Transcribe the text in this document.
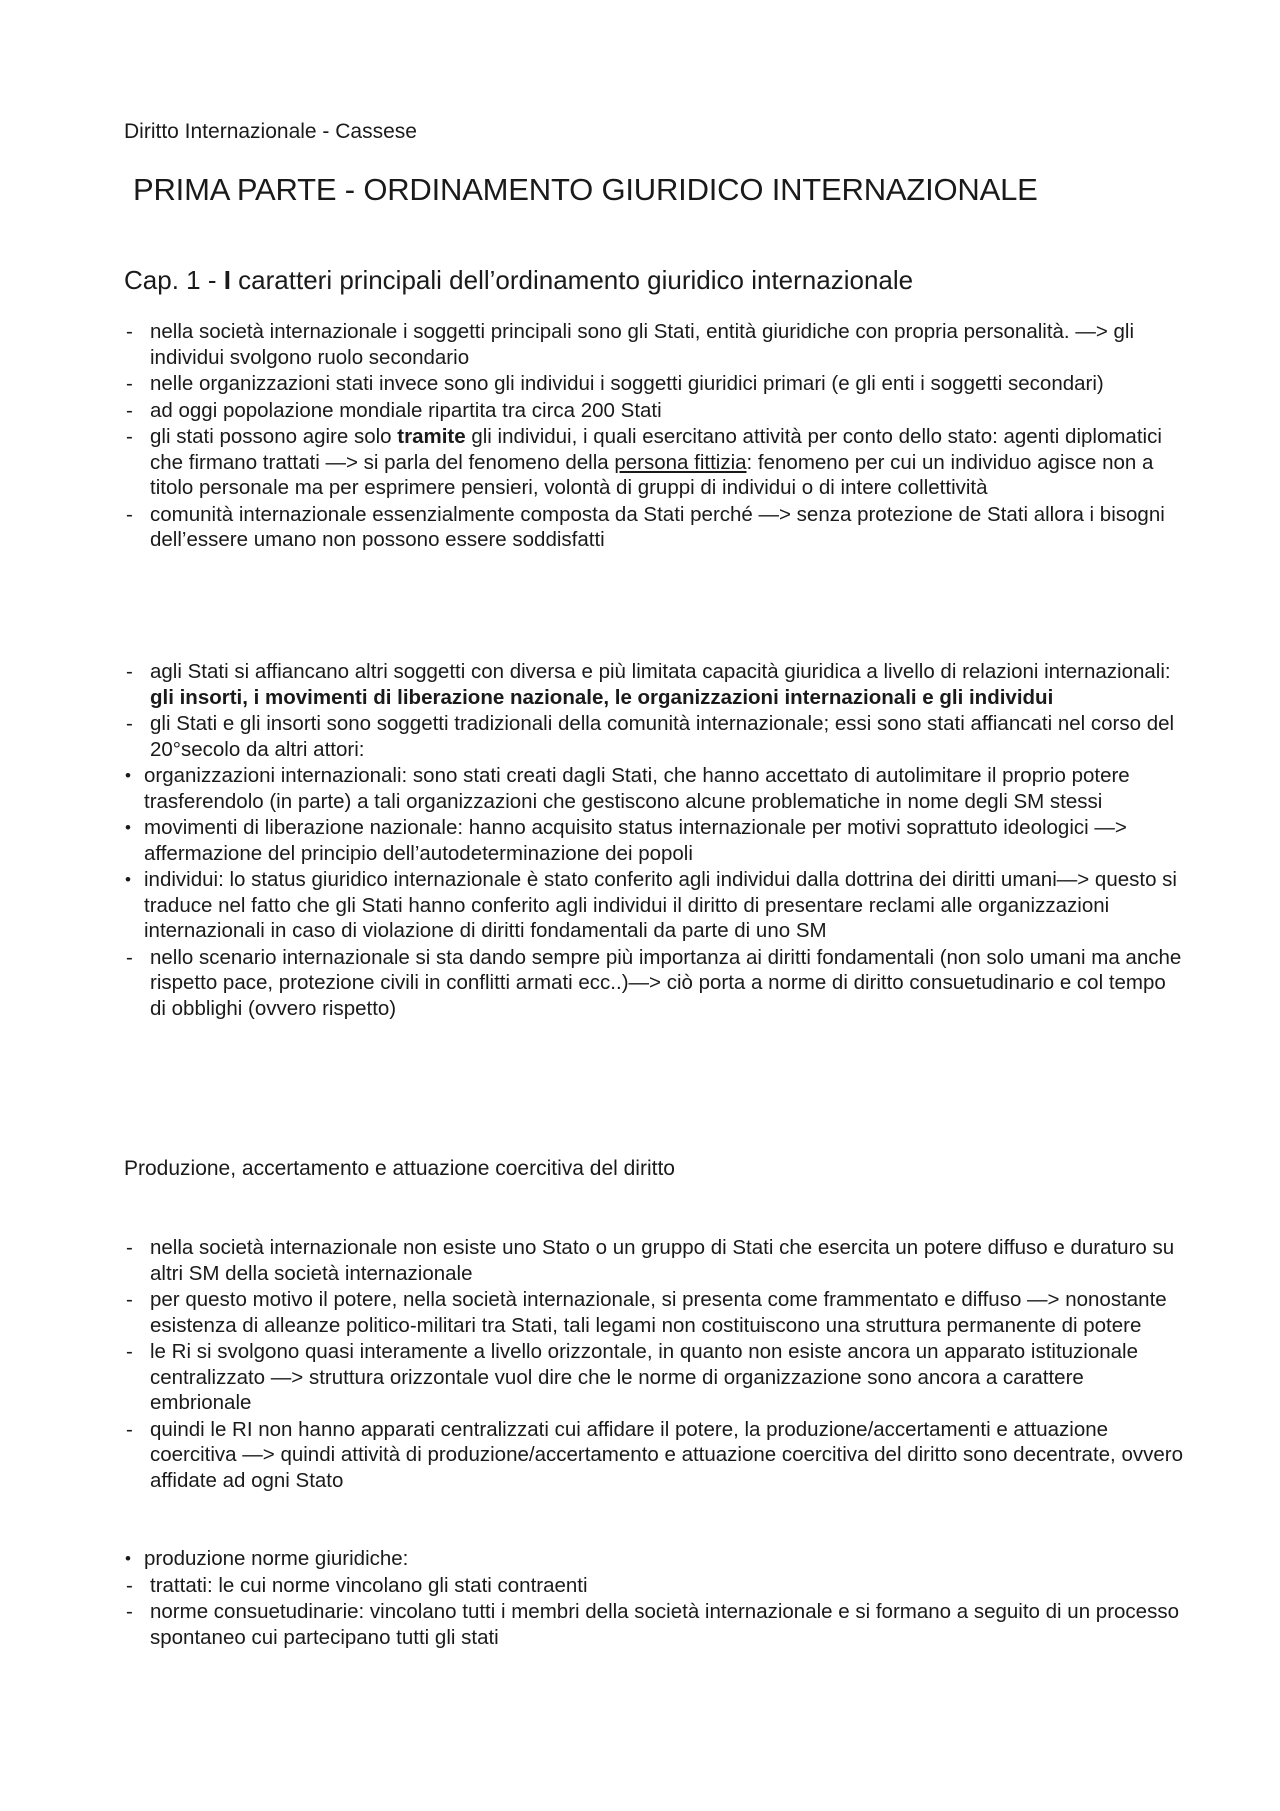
Diritto Internazionale - Cassese

PRIMA PARTE - ORDINAMENTO GIURIDICO INTERNAZIONALE

Cap. 1 - I caratteri principali dell’ordinamento giuridico internazionale

- nella società internazionale i soggetti principali sono gli Stati, entità giuridiche con propria personalità. —> gli individui svolgono ruolo secondario

- nelle organizzazioni stati invece sono gli individui i soggetti giuridici primari (e gli enti i soggetti secondari)

- ad oggi popolazione mondiale ripartita tra circa 200 Stati

- gli stati possono agire solo tramite gli individui, i quali esercitano attività per conto dello stato: agenti diplomatici che firmano trattati —> si parla del fenomeno della persona fittizia: fenomeno per cui un individuo agisce non a titolo personale ma per esprimere pensieri, volontà di gruppi di individui o di intere collettività

- comunità internazionale essenzialmente composta da Stati perché —> senza protezione de Stati allora i bisogni dell’essere umano non possono essere soddisfatti

- agli Stati si affiancano altri soggetti con diversa e più limitata capacità giuridica a livello di relazioni internazionali: gli insorti, i movimenti di liberazione nazionale, le organizzazioni internazionali e gli individui

- gli Stati e gli insorti sono soggetti tradizionali della comunità internazionale; essi sono stati affiancati nel corso del 20°secolo da altri attori:

• organizzazioni internazionali: sono stati creati dagli Stati, che hanno accettato di autolimitare il proprio potere trasferendolo (in parte) a tali organizzazioni che gestiscono alcune problematiche in nome degli SM stessi

• movimenti di liberazione nazionale: hanno acquisito status internazionale per motivi soprattuto ideologici —> affermazione del principio dell’autodeterminazione dei popoli

• individui: lo status giuridico internazionale è stato conferito agli individui dalla dottrina dei diritti umani—> questo si traduce nel fatto che gli Stati hanno conferito agli individui il diritto di presentare reclami alle organizzazioni internazionali in caso di violazione di diritti fondamentali da parte di uno SM

- nello scenario internazionale si sta dando sempre più importanza ai diritti fondamentali (non solo umani ma anche rispetto pace, protezione civili in conflitti armati ecc..)—> ciò porta a norme di diritto consuetudinario e col tempo di obblighi (ovvero rispetto)

Produzione, accertamento e attuazione coercitiva del diritto

- nella società internazionale non esiste uno Stato o un gruppo di Stati che esercita un potere diffuso e duraturo su altri SM della società internazionale

- per questo motivo il potere, nella società internazionale, si presenta come frammentato e diffuso —> nonostante esistenza di alleanze politico-militari tra Stati, tali legami non costituiscono una struttura permanente di potere

- le Ri si svolgono quasi interamente a livello orizzontale, in quanto non esiste ancora un apparato istituzionale centralizzato —> struttura orizzontale vuol dire che le norme di organizzazione sono ancora a carattere embrionale

- quindi le RI non hanno apparati centralizzati cui affidare il potere, la produzione/accertamenti e attuazione coercitiva —> quindi attività di produzione/accertamento e attuazione coercitiva del diritto sono decentrate, ovvero affidate ad ogni Stato

• produzione norme giuridiche:

- trattati: le cui norme vincolano gli stati contraenti

- norme consuetudinarie: vincolano tutti i membri della società internazionale e si formano a seguito di un processo spontaneo cui partecipano tutti gli stati
